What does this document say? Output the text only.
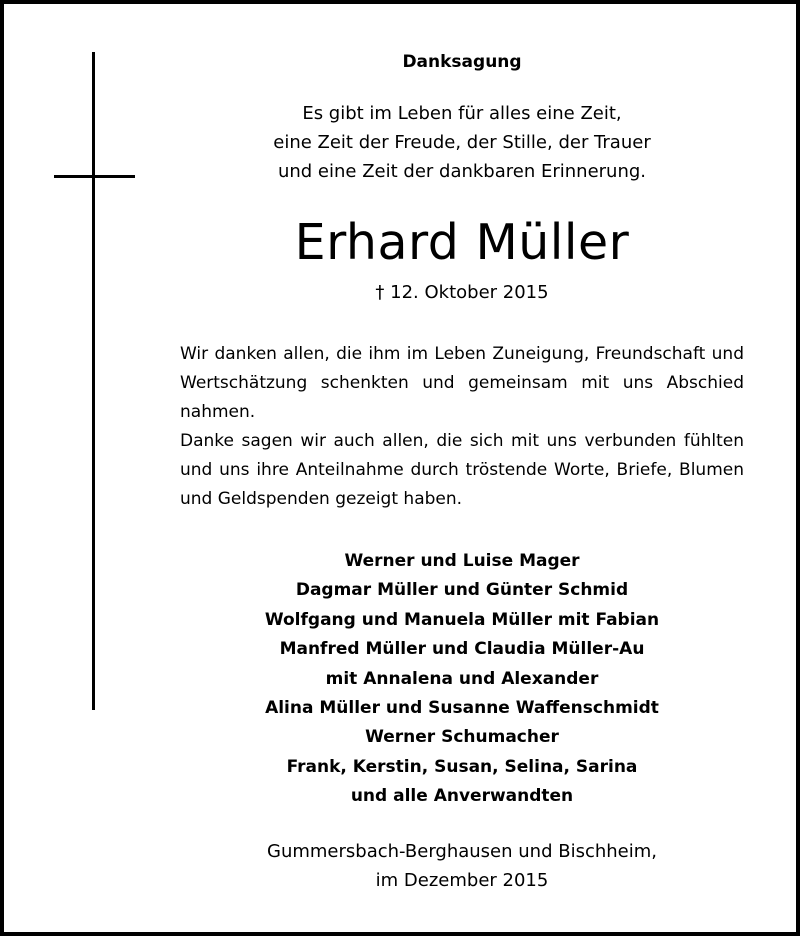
Danksagung
Es gibt im Leben für alles eine Zeit,
eine Zeit der Freude, der Stille, der Trauer
und eine Zeit der dankbaren Erinnerung.
Erhard Müller
† 12. Oktober 2015

Wir danken allen, die ihm im Leben Zuneigung, Freundschaft und Wertschätzung schenkten und gemeinsam mit uns Abschied nahmen.

Danke sagen wir auch allen, die sich mit uns verbunden fühlten und uns ihre Anteilnahme durch tröstende Worte, Briefe, Blumen und Geldspenden gezeigt haben.

Werner und Luise Mager
Dagmar Müller und Günter Schmid
Wolfgang und Manuela Müller mit Fabian
Manfred Müller und Claudia Müller-Au
mit Annalena und Alexander
Alina Müller und Susanne Waffenschmidt
Werner Schumacher
Frank, Kerstin, Susan, Selina, Sarina
und alle Anverwandten
Gummersbach-Berghausen und Bischheim,
im Dezember 2015
